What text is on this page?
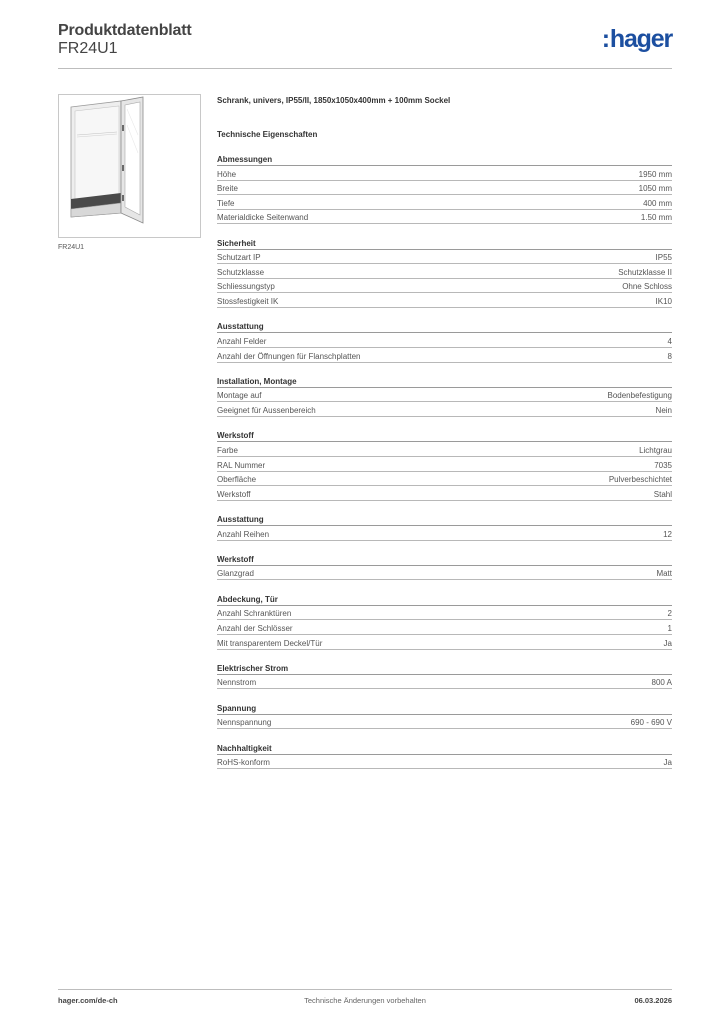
Produktdatenblatt
FR24U1	:hager
FR24U1
Schrank, univers, IP55/II, 1850x1050x400mm + 100mm Sockel
Technische Eigenschaften
Abmessungen
Höhe	1950 mm
Breite	1050 mm
Tiefe	400 mm
Materialdicke Seitenwand	1.50 mm
Sicherheit
Schutzart IP	IP55
Schutzklasse	Schutzklasse II
Schliessungstyp	Ohne Schloss
Stossfestigkeit IK	IK10
Ausstattung
Anzahl Felder	4
Anzahl der Öffnungen für Flanschplatten	8
Installation, Montage
Montage auf	Bodenbefestigung
Geeignet für Aussenbereich	Nein
Werkstoff
Farbe	Lichtgrau
RAL Nummer	7035
Oberfläche	Pulverbeschichtet
Werkstoff	Stahl
Ausstattung
Anzahl Reihen	12
Werkstoff
Glanzgrad	Matt
Abdeckung, Tür
Anzahl Schranktüren	2
Anzahl der Schlösser	1
Mit transparentem Deckel/Tür	Ja
Elektrischer Strom
Nennstrom	800 A
Spannung
Nennspannung	690 - 690 V
Nachhaltigkeit
RoHS-konform	Ja
hager.com/de-ch	Technische Änderungen vorbehalten	06.03.2026
